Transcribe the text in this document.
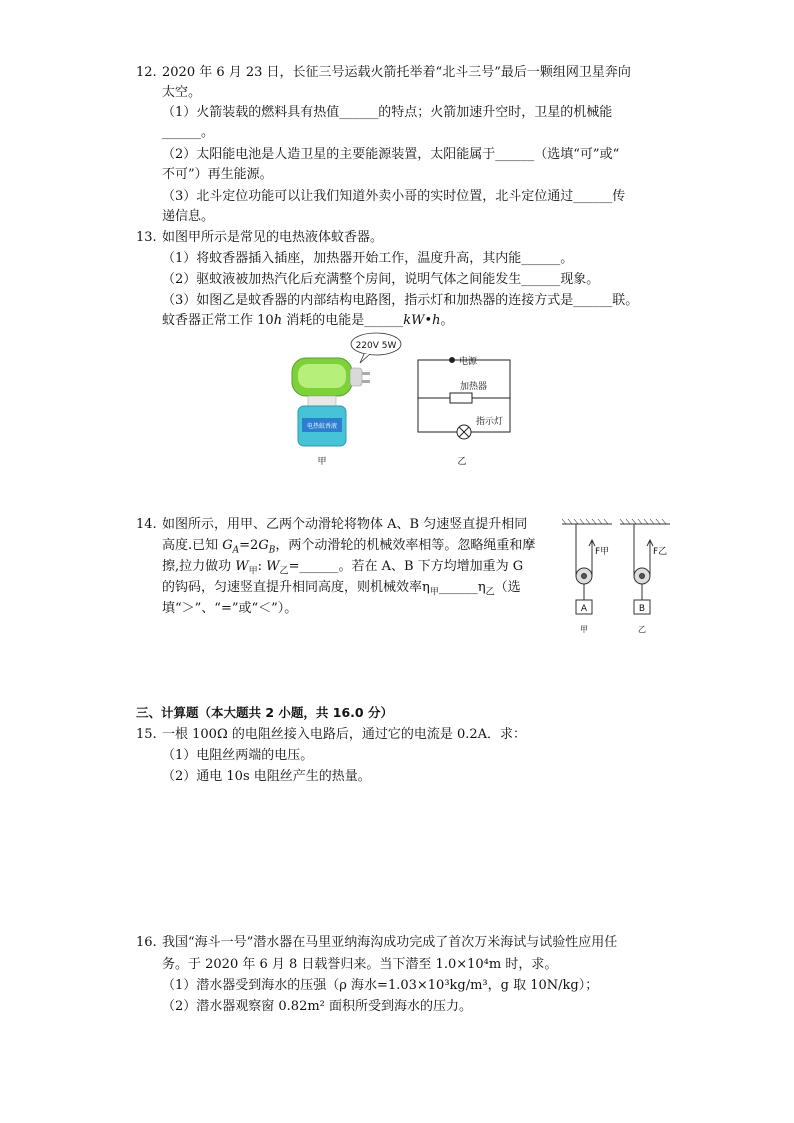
12. 2020 年 6 月 23 日，长征三号运载火箭托举着“北斗三号”最后一颗组网卫星奔向
太空。
（1）火箭装载的燃料具有热值______的特点；火箭加速升空时，卫星的机械能
______。
（2）太阳能电池是人造卫星的主要能源装置，太阳能属于______（选填“可”或“
不可”）再生能源。
（3）北斗定位功能可以让我们知道外卖小哥的实时位置，北斗定位通过______传
递信息。
13. 如图甲所示是常见的电热液体蚊香器。
（1）将蚊香器插入插座，加热器开始工作，温度升高，其内能______。
（2）驱蚊液被加热汽化后充满整个房间，说明气体之间能发生______现象。
（3）如图乙是蚊香器的内部结构电路图，指示灯和加热器的连接方式是______联。
蚊香器正常工作 10h 消耗的电能是______kW•h。
220V 5W
电热蚊香液
甲
电源
加热器
指示灯
乙
14. 如图所示，用甲、乙两个动滑轮将物体 A、B 匀速竖直提升相同
高度.已知 $G_A=2G_B$，两个动滑轮的机械效率相等。忽略绳重和摩
擦,拉力做功 $W_甲$: $W_乙=\_\_\_\_\_\_$。若在 A、B 下方均增加重为 G
的钩码，匀速竖直提升相同高度，则机械效率$\eta_甲\_\_\_\_\_\_\eta_乙$（选
填“＞”、“=”或“＜”）。
F甲	F乙
A	B
甲	乙
三、计算题（本大题共 2 小题，共 16.0 分）
15. 一根 100Ω 的电阻丝接入电路后，通过它的电流是 0.2A．求：
（1）电阻丝两端的电压。
（2）通电 10s 电阻丝产生的热量。
16. 我国“海斗一号”潜水器在马里亚纳海沟成功完成了首次万米海试与试验性应用任
务。于 2020 年 6 月 8 日载誉归来。当下潜至 1.0×10⁴m 时，求。
（1）潜水器受到海水的压强（ρ 海水=1.03×10³kg/m³，g 取 10N/kg）；
（2）潜水器观察窗 0.82m² 面积所受到海水的压力。
